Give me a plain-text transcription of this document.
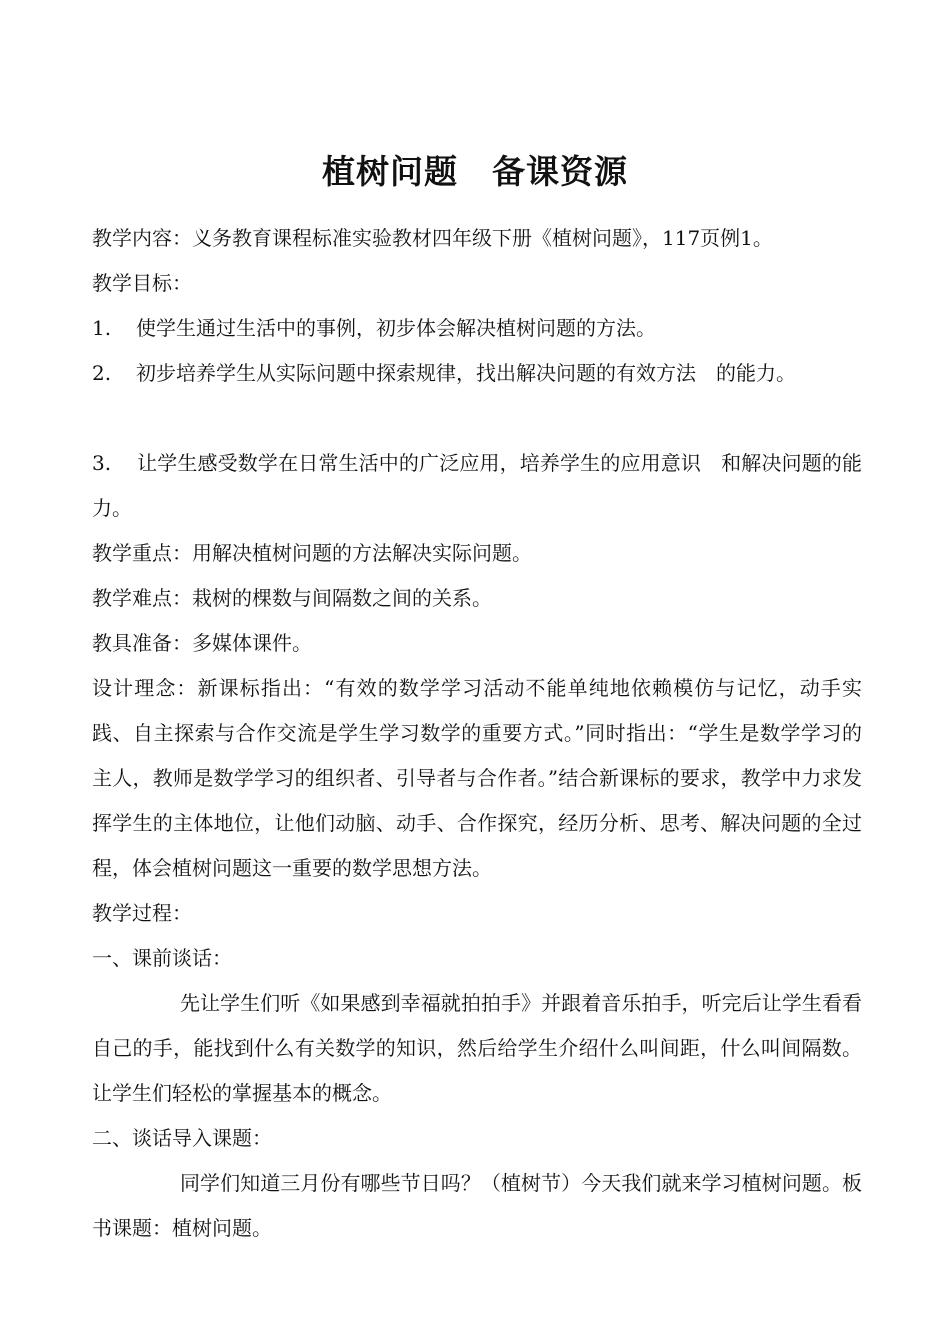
植树问题　备课资源

教学内容：义务教育课程标准实验教材四年级下册《植树问题》，117页例1。

教学目标：

1.	使学生通过生活中的事例，初步体会解决植树问题的方法。
2.	初步培养学生从实际问题中探索规律，找出解决问题的有效方法　的能力。

3. 让学生感受数学在日常生活中的广泛应用，培养学生的应用意识　和解决问题的能力。

教学重点：用解决植树问题的方法解决实际问题。

教学难点：栽树的棵数与间隔数之间的关系。

教具准备：多媒体课件。

设计理念：新课标指出：“有效的数学学习活动不能单纯地依赖模仿与记忆，动手实践、自主探索与合作交流是学生学习数学的重要方式。”同时指出：“学生是数学学习的主人，教师是数学学习的组织者、引导者与合作者。”结合新课标的要求，教学中力求发挥学生的主体地位，让他们动脑、动手、合作探究，经历分析、思考、解决问题的全过程，体会植树问题这一重要的数学思想方法。

教学过程：

一、课前谈话：

先让学生们听《如果感到幸福就拍拍手》并跟着音乐拍手，听完后让学生看看自己的手，能找到什么有关数学的知识，然后给学生介绍什么叫间距，什么叫间隔数。让学生们轻松的掌握基本的概念。

二、谈话导入课题：

同学们知道三月份有哪些节日吗？（植树节）今天我们就来学习植树问题。板书课题：植树问题。
